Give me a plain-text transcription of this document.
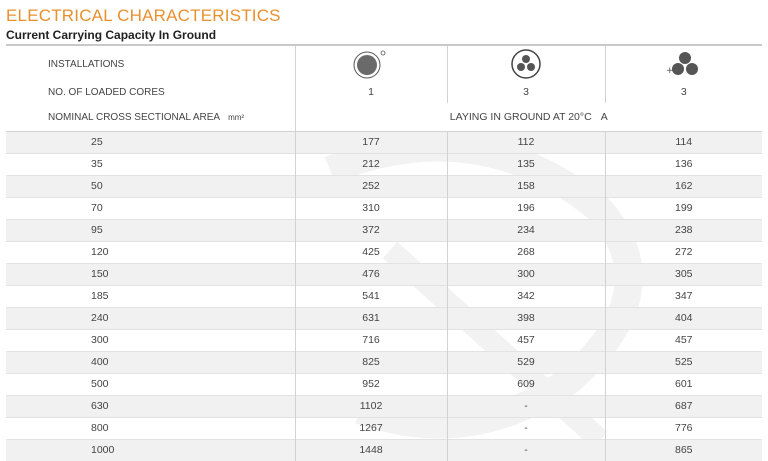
ELECTRICAL CHARACTERISTICS
Current Carrying Capacity In Ground
INSTALLATIONS			+

NO. OF LOADED CORES	1	3	3
NOMINAL CROSS SECTIONAL AREA mm²	LAYING IN GROUND AT 20°C A		
25	177	112	114
35	212	135	136
50	252	158	162
70	310	196	199
95	372	234	238
120	425	268	272
150	476	300	305
185	541	342	347
240	631	398	404
300	716	457	457
400	825	529	525
500	952	609	601
630	1102	-	687
800	1267	-	776
1000	1448	-	865
